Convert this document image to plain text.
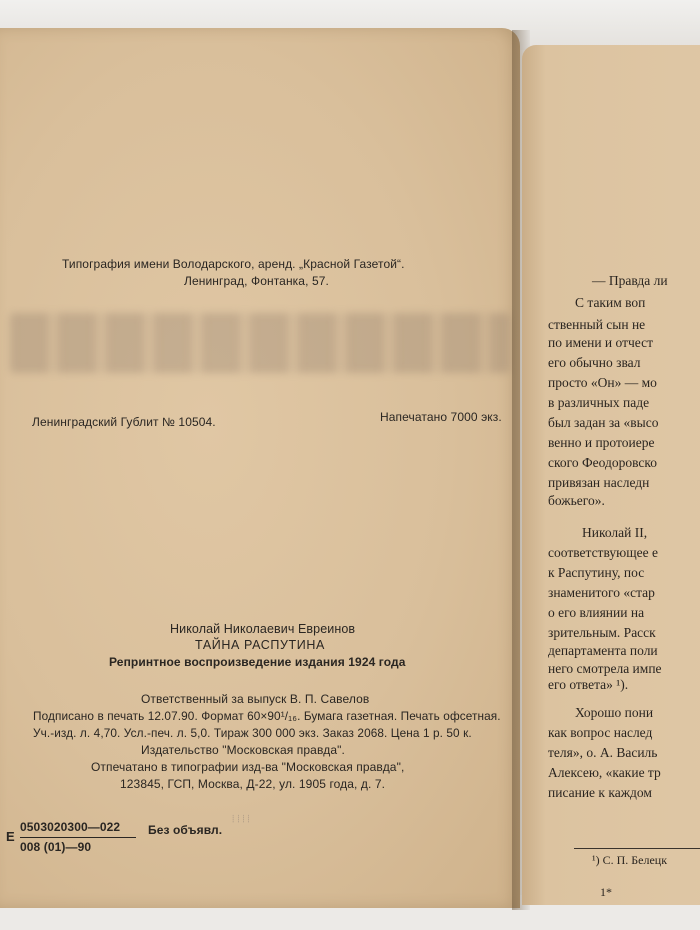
Типография имени Володарского, аренд. „Красной Газетой“.
Ленинград, Фонтанка, 57.
Ленинградский Гублит № 10504.	Напечатано 7000 экз.
Николай Николаевич Евреинов
ТАЙНА РАСПУТИНА
Репринтное воспроизведение издания 1924 года
Ответственный за выпуск В. П. Савелов
Подписано в печать 12.07.90. Формат 60×90¹/₁₆. Бумага газетная. Печать офсетная.
Уч.-изд. л. 4,70. Усл.-печ. л. 5,0. Тираж 300 000 экз. Заказ 2068. Цена 1 р. 50 к.
Издательство "Московская правда".
Отпечатано в типографии изд-ва "Московская правда",
123845, ГСП, Москва, Д-22, ул. 1905 года, д. 7.
Е
0503020300—022
008 (01)—90
Без объявл.
┊┊┊┊
— Правда ли
С таким воп
ственный сын не
по имени и отчест
его обычно звал
просто «Он» — мо
в различных паде
был задан за «высо
венно и протоиере
ского Феодоровско
привязан наследн
божьего».
Николай II,
соответствующее е
к Распутину, пос
знаменитого «стар
о его влиянии на
зрительным. Расск
департамента поли
него смотрела импе
его ответа» ¹).
Хорошо пони
как вопрос наслед
теля», о. А. Василь
Алексею, «какие тр
писание к каждом
¹) С. П. Белецк
1*
